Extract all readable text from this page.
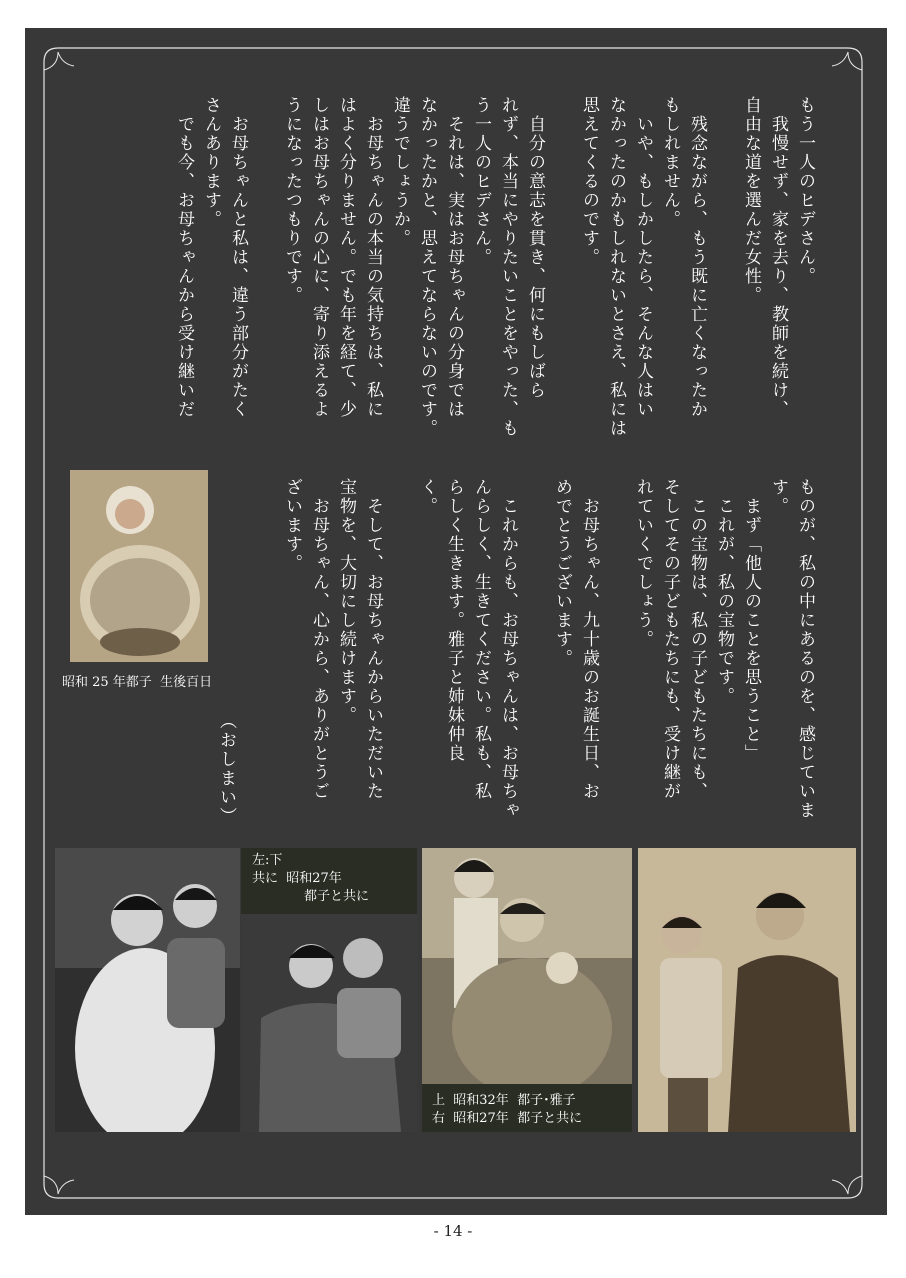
もう一人のヒデさん。
　我慢せず、家を去り、教師を続け、
自由な道を選んだ女性。

　残念ながら、もう既に亡くなったか
もしれません。
　いや、もしかしたら、そんな人はい
なかったのかもしれないとさえ、私には
思えてくるのです。

　自分の意志を貫き、何にもしばら
れず、本当にやりたいことをやった、も
う一人のヒデさん。
　それは、実はお母ちゃんの分身では
なかったかと、思えてならないのです。
違うでしょうか。
　お母ちゃんの本当の気持ちは、私に
はよく分りません。でも年を経て、少
しはお母ちゃんの心に、寄り添えるよ
うになったつもりです。

　お母ちゃんと私は、違う部分がたく
さんあります。
　でも今、お母ちゃんから受け継いだ
ものが、私の中にあるのを、感じていま
す。
　まず「他人のことを思うこと」
　これが、私の宝物です。
　この宝物は、私の子どもたちにも、
そしてその子どもたちにも、受け継が
れていくでしょう。

　お母ちゃん、九十歳のお誕生日、お
めでとうございます。

　これからも、お母ちゃんは、お母ちゃ
んらしく、生きてください。私も、私
らしく生きます。雅子と姉妹仲良
く。

　そして、お母ちゃんからいただいた
宝物を、大切にし続けます。
　お母ちゃん、心から、ありがとうご
ざいます。
（おしまい）
昭和 25 年都子  生後百日
左:下
共に  昭和27年
　　　　都子と共に
上  昭和32年  都子･雅子
右  昭和27年  都子と共に
- 14 -
